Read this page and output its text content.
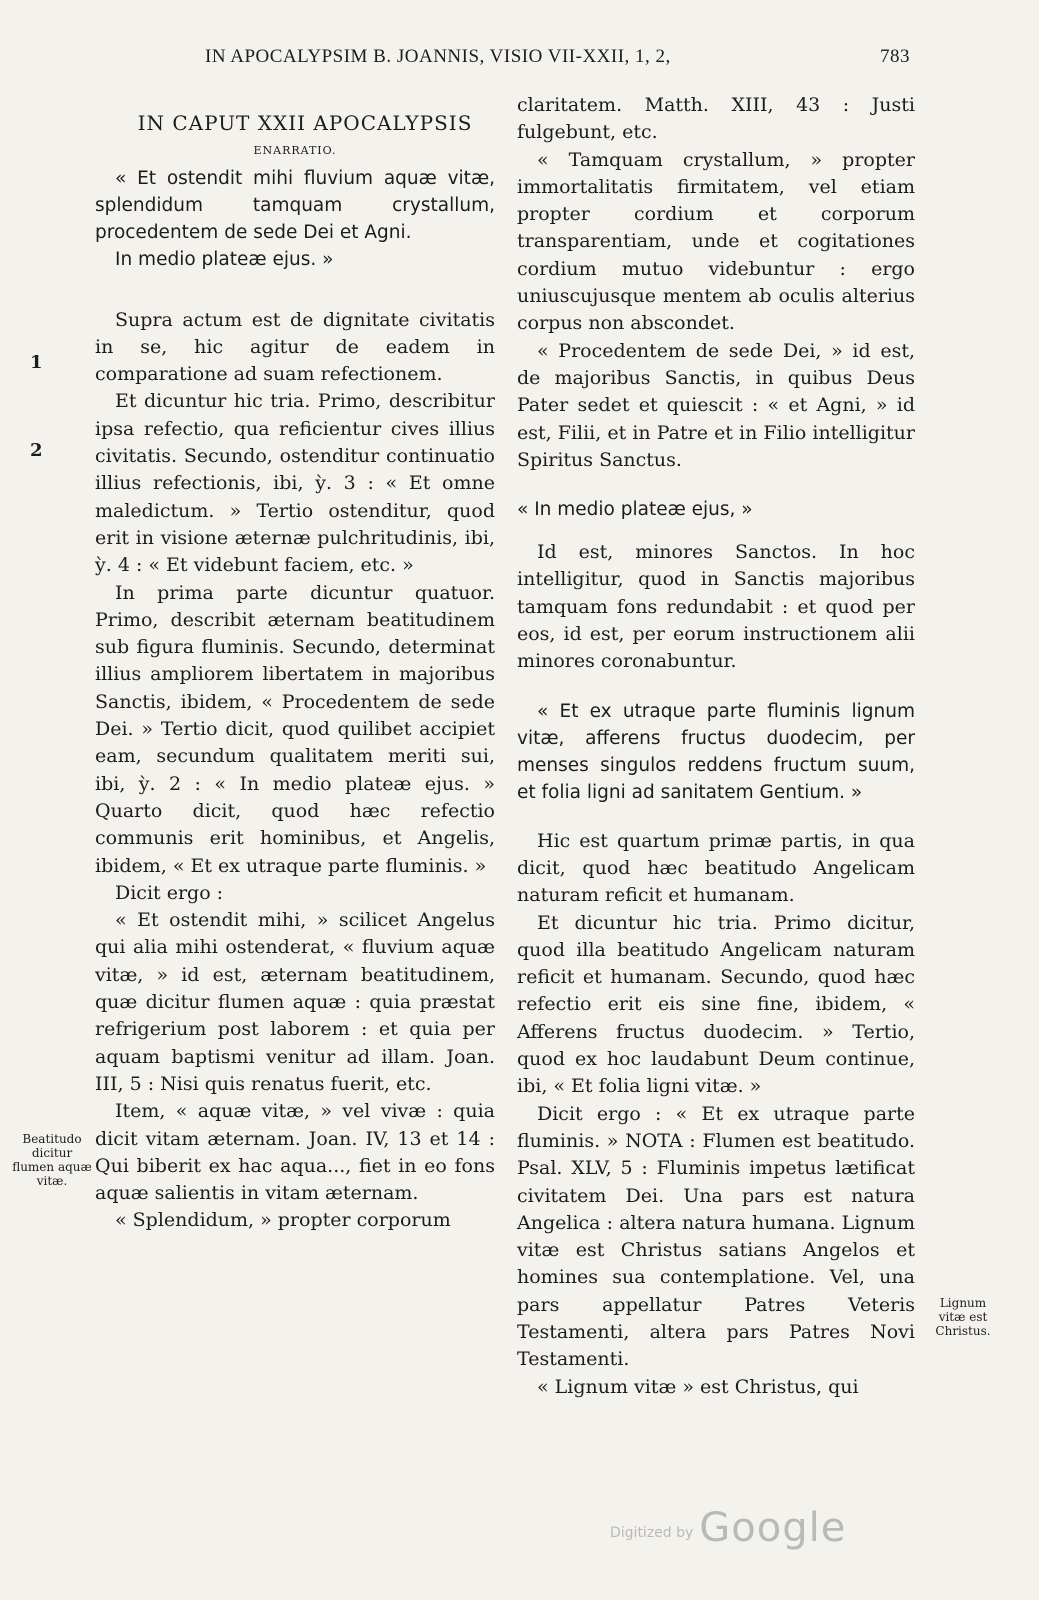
IN APOCALYPSIM B. JOANNIS, VISIO VII-XXII, 1, 2,	783
1
2

IN CAPUT XXII APOCALYPSIS

ENARRATIO.

« Et ostendit mihi fluvium aquæ vitæ, splendidum tamquam crystallum, procedentem de sede Dei et Agni.

In medio plateæ ejus. »

Supra actum est de dignitate civitatis in se, hic agitur de eadem in comparatione ad suam refectionem.

Et dicuntur hic tria. Primo, describitur ipsa refectio, qua reficientur cives illius civitatis. Secundo, ostenditur continuatio illius refectionis, ibi, ỳ. 3 : « Et omne maledictum. » Tertio ostenditur, quod erit in visione æternæ pulchritudinis, ibi, ỳ. 4 : « Et videbunt faciem, etc. »

In prima parte dicuntur quatuor. Primo, describit æternam beatitudinem sub figura fluminis. Secundo, determinat illius ampliorem libertatem in majoribus Sanctis, ibidem, « Procedentem de sede Dei. » Tertio dicit, quod quilibet accipiet eam, secundum qualitatem meriti sui, ibi, ỳ. 2 : « In medio plateæ ejus. » Quarto dicit, quod hæc refectio communis erit hominibus, et Angelis, ibidem, « Et ex utraque parte fluminis. »

Dicit ergo :

« Et ostendit mihi, » scilicet Angelus qui alia mihi ostenderat, « fluvium aquæ vitæ, » id est, æternam beatitudinem, quæ dicitur flumen aquæ : quia præstat refrigerium post laborem : et quia per aquam baptismi venitur ad illam. Joan. III, 5 : Nisi quis renatus fuerit, etc.

Item, « aquæ vitæ, » vel vivæ : quia dicit vitam æternam. Joan. IV, 13 et 14 : Qui biberit ex hac aqua..., fiet in eo fons aquæ salientis in vitam æternam.

« Splendidum, » propter corporum

claritatem. Matth. XIII, 43 : Justi fulgebunt, etc.

« Tamquam crystallum, » propter immortalitatis firmitatem, vel etiam propter cordium et corporum transparentiam, unde et cogitationes cordium mutuo videbuntur : ergo uniuscujusque mentem ab oculis alterius corpus non abscondet.

« Procedentem de sede Dei, » id est, de majoribus Sanctis, in quibus Deus Pater sedet et quiescit : « et Agni, » id est, Filii, et in Patre et in Filio intelligitur Spiritus Sanctus.

« In medio plateæ ejus, »

Id est, minores Sanctos. In hoc intelligitur, quod in Sanctis majoribus tamquam fons redundabit : et quod per eos, id est, per eorum instructionem alii minores coronabuntur.

« Et ex utraque parte fluminis lignum vitæ, afferens fructus duodecim, per menses singulos reddens fructum suum, et folia ligni ad sanitatem Gentium. »

Hic est quartum primæ partis, in qua dicit, quod hæc beatitudo Angelicam naturam reficit et humanam.

Et dicuntur hic tria. Primo dicitur, quod illa beatitudo Angelicam naturam reficit et humanam. Secundo, quod hæc refectio erit eis sine fine, ibidem, « Afferens fructus duodecim. » Tertio, quod ex hoc laudabunt Deum continue, ibi, « Et folia ligni vitæ. »

Dicit ergo : « Et ex utraque parte fluminis. » NOTA : Flumen est beatitudo. Psal. XLV, 5 : Fluminis impetus lætificat civitatem Dei. Una pars est natura Angelica : altera natura humana. Lignum vitæ est Christus satians Angelos et homines sua contemplatione. Vel, una pars appellatur Patres Veteris Testamenti, altera pars Patres Novi Testamenti.

« Lignum vitæ » est Christus, qui

Beatitudo dicitur flumen aquæ vitæ.
Lignum vitæ est Christus.
Digitized by Google
